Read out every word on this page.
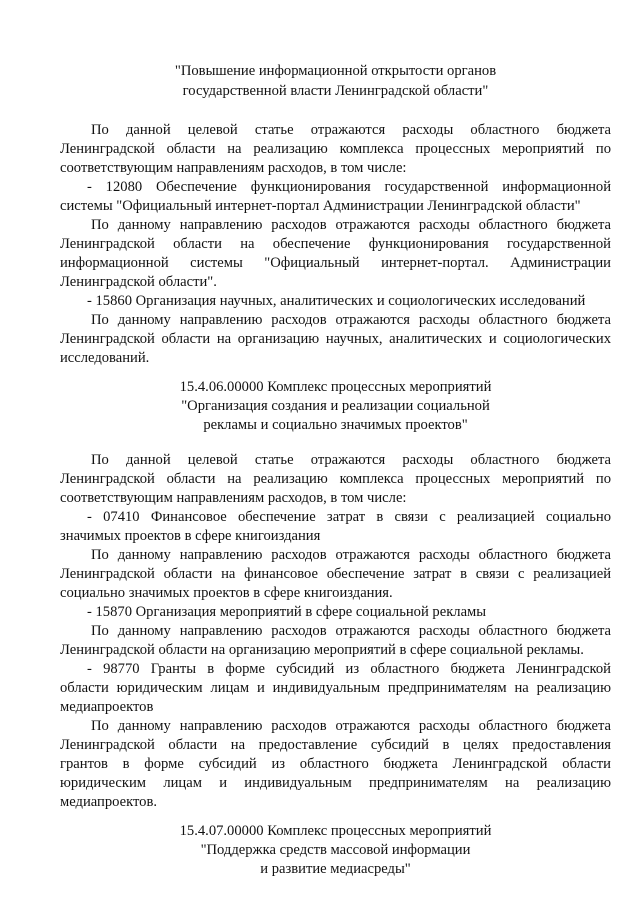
"Повышение информационной открытости органов
государственной власти Ленинградской области"
По данной целевой статье отражаются расходы областного бюджета
Ленинградской области на реализацию комплекса процессных мероприятий по
соответствующим направлениям расходов, в том числе:
- 12080 Обеспечение функционирования государственной информационной
системы "Официальный интернет-портал Администрации Ленинградской области"
По данному направлению расходов отражаются расходы областного бюджета
Ленинградской области на обеспечение функционирования государственной
информационной системы "Официальный интернет-портал. Администрации
Ленинградской области".
- 15860 Организация научных, аналитических и социологических исследований
По данному направлению расходов отражаются расходы областного бюджета
Ленинградской области на организацию научных, аналитических и социологических
исследований.
15.4.06.00000 Комплекс процессных мероприятий
"Организация создания и реализации социальной
рекламы и социально значимых проектов"
По данной целевой статье отражаются расходы областного бюджета
Ленинградской области на реализацию комплекса процессных мероприятий по
соответствующим направлениям расходов, в том числе:
- 07410 Финансовое обеспечение затрат в связи с реализацией социально
значимых проектов в сфере книгоиздания
По данному направлению расходов отражаются расходы областного бюджета
Ленинградской области на финансовое обеспечение затрат в связи с реализацией
социально значимых проектов в сфере книгоиздания.
- 15870 Организация мероприятий в сфере социальной рекламы
По данному направлению расходов отражаются расходы областного бюджета
Ленинградской области на организацию мероприятий в сфере социальной рекламы.
- 98770 Гранты в форме субсидий из областного бюджета Ленинградской
области юридическим лицам и индивидуальным предпринимателям на реализацию
медиапроектов
По данному направлению расходов отражаются расходы областного бюджета
Ленинградской области на предоставление субсидий в целях предоставления
грантов в форме субсидий из областного бюджета Ленинградской области
юридическим лицам и индивидуальным предпринимателям на реализацию
медиапроектов.
15.4.07.00000 Комплекс процессных мероприятий
"Поддержка средств массовой информации
и развитие медиасреды"
